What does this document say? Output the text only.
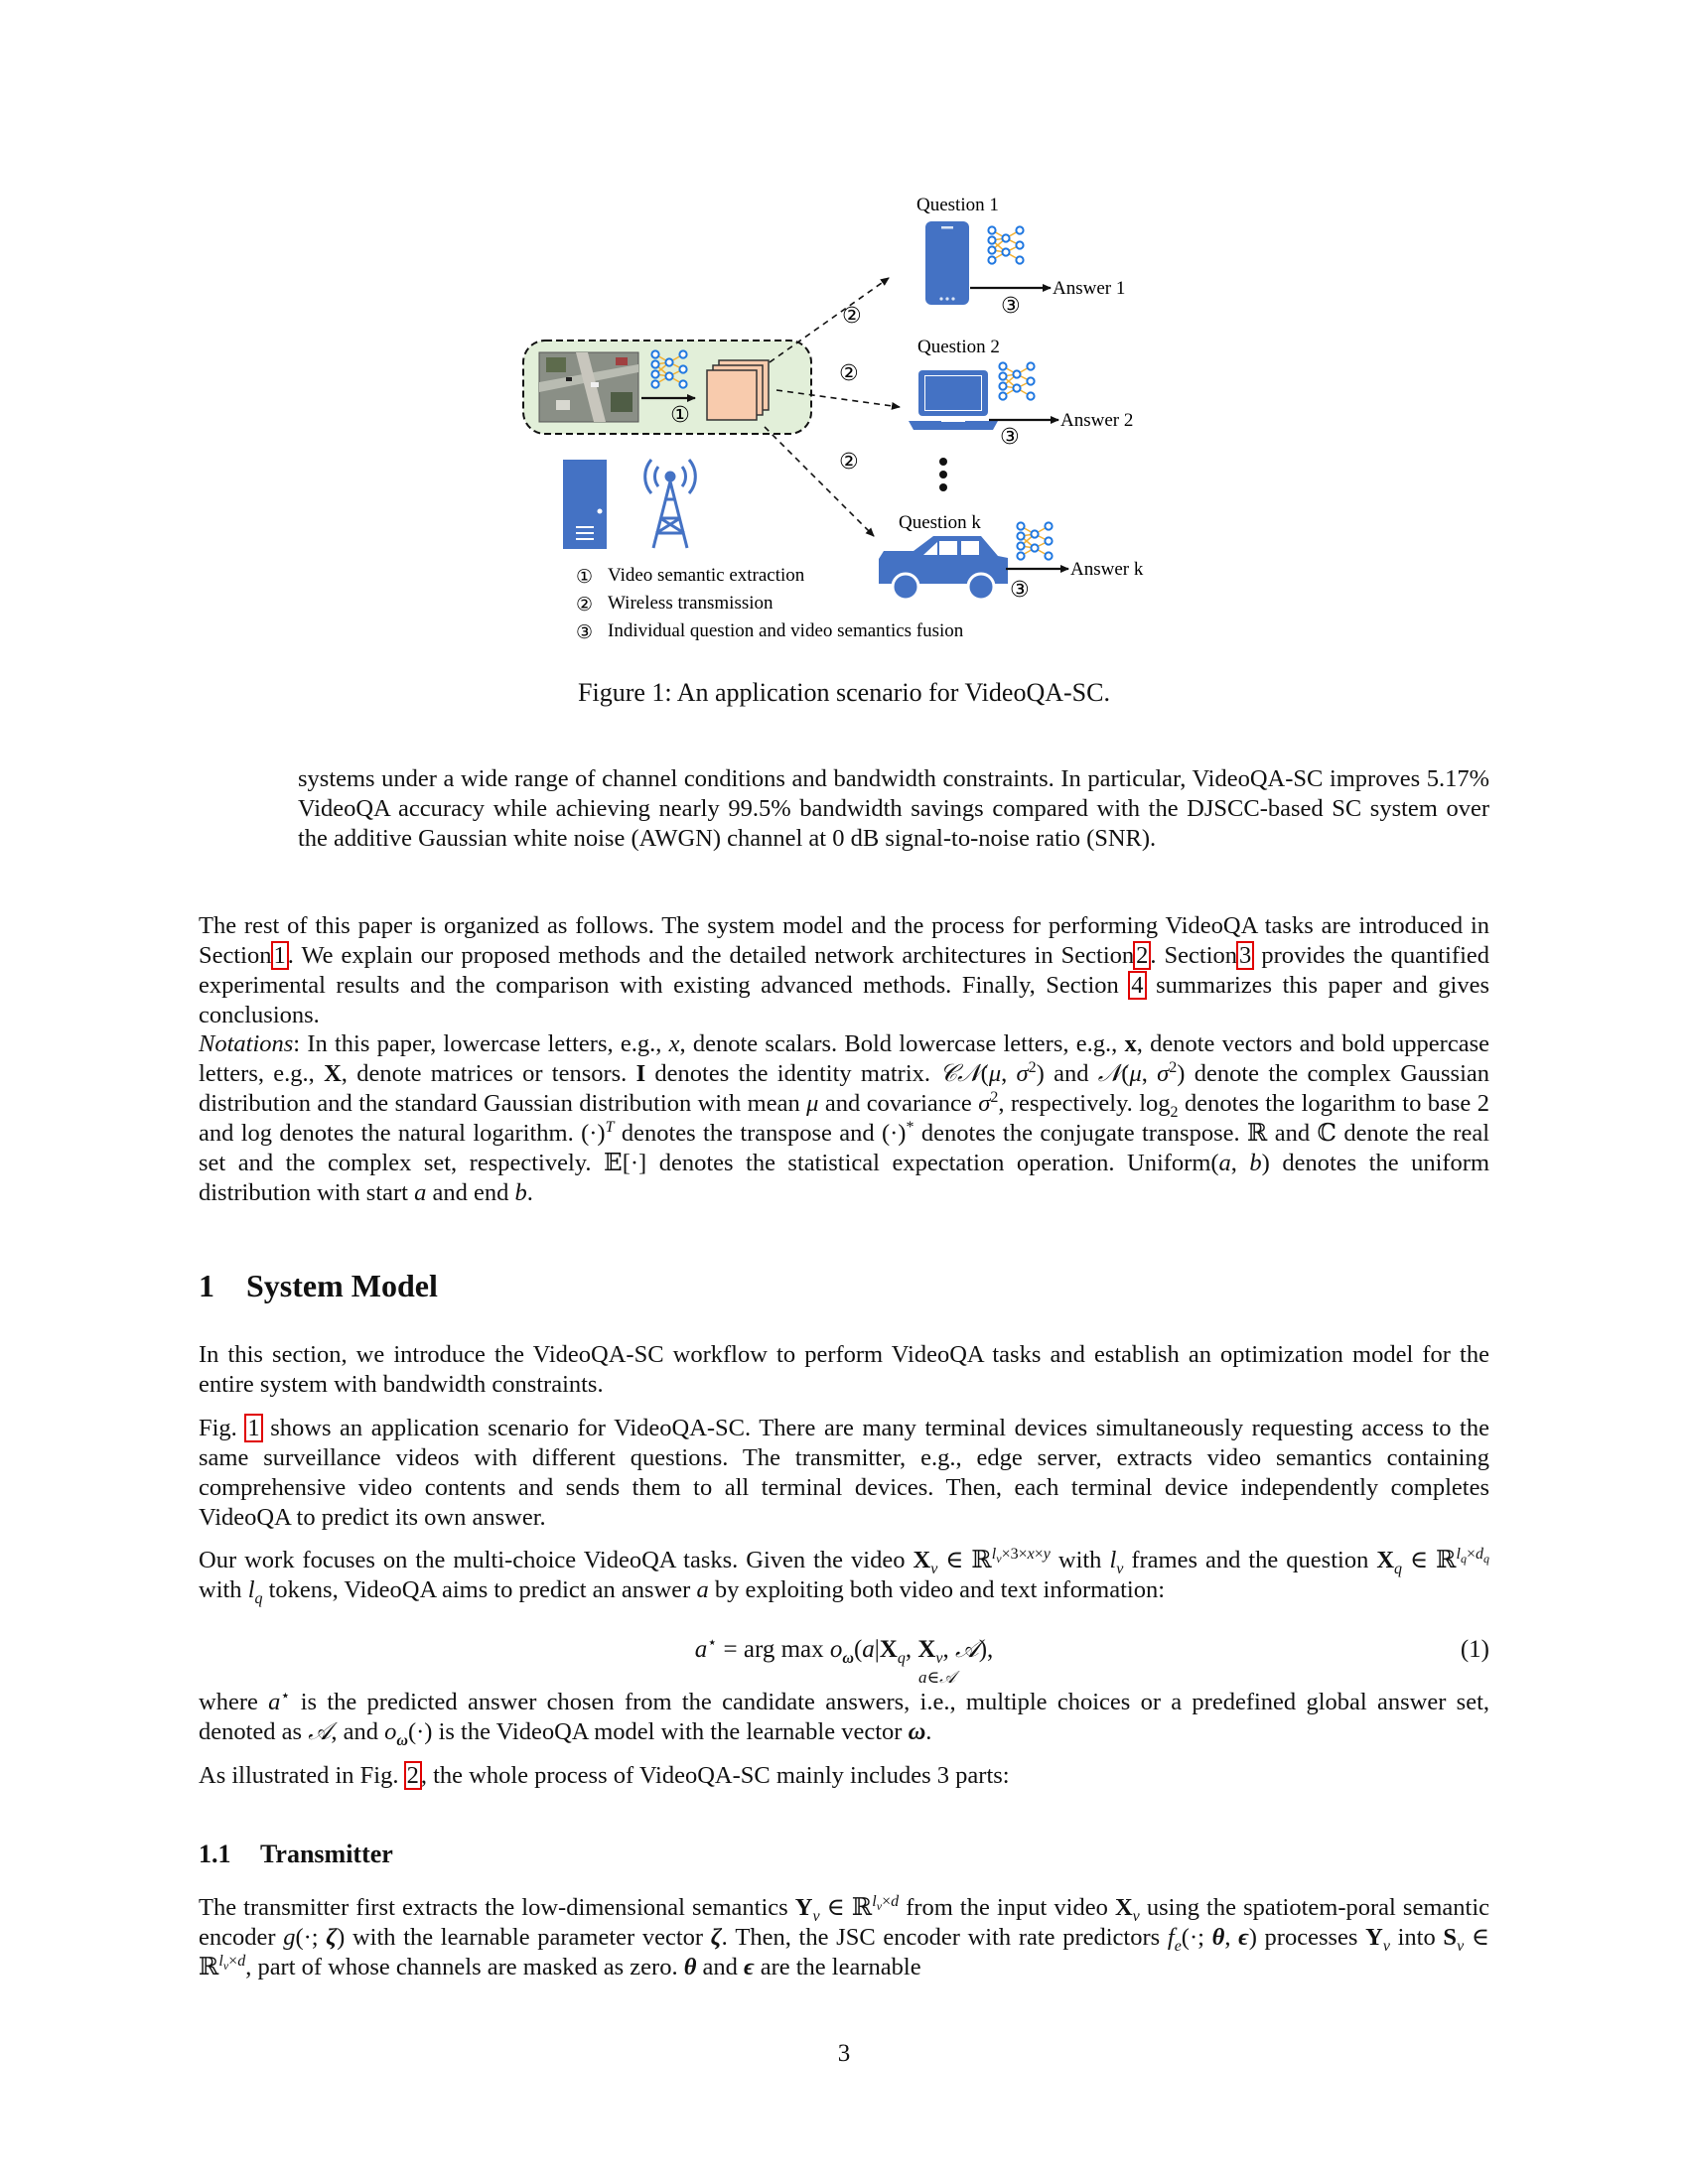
①
②
②
②
Question 1
Answer 1
③
Question 2
Answer 2
③
Question k
Answer k
③
① Video semantic extraction
② Wireless transmission
③ Individual question and video semantics fusion
Figure 1: An application scenario for VideoQA-SC.

systems under a wide range of channel conditions and bandwidth constraints. In particular, VideoQA-SC improves 5.17% VideoQA accuracy while achieving nearly 99.5% bandwidth savings compared with the DJSCC-based SC system over the additive Gaussian white noise (AWGN) channel at 0 dB signal-to-noise ratio (SNR).

The rest of this paper is organized as follows. The system model and the process for performing VideoQA tasks are introduced in Section1. We explain our proposed methods and the detailed network architectures in Section2. Section3 provides the quantified experimental results and the comparison with existing advanced methods. Finally, Section 4 summarizes this paper and gives conclusions.

Notations: In this paper, lowercase letters, e.g., x, denote scalars. Bold lowercase letters, e.g., x, denote vectors and bold uppercase letters, e.g., X, denote matrices or tensors. I denotes the identity matrix. 𝒞𝒩(μ, $\sigma^2$) and 𝒩(μ, $\sigma^2$) denote the complex Gaussian distribution and the standard Gaussian distribution with mean μ and covariance $\sigma^2$, respectively. $\log_2$ denotes the logarithm to base 2 and log denotes the natural logarithm. $(\cdot)^T$ denotes the transpose and (·)* denotes the conjugate transpose. ℝ and ℂ denote the real set and the complex set, respectively. 𝔼[·] denotes the statistical expectation operation. Uniform(a, b) denotes the uniform distribution with start a and end b.

1 System Model

In this section, we introduce the VideoQA-SC workflow to perform VideoQA tasks and establish an optimization model for the entire system with bandwidth constraints.

Fig. 1 shows an application scenario for VideoQA-SC. There are many terminal devices simultaneously requesting access to the same surveillance videos with different questions. The transmitter, e.g., edge server, extracts video semantics containing comprehensive video contents and sends them to all terminal devices. Then, each terminal device independently completes VideoQA to predict its own answer.

Our work focuses on the multi-choice VideoQA tasks. Given the video $X_v$ ∈ ℝ$^{l_v\times 3\times x\times y}$ with $l_v$ frames and the question $X_q$ ∈ ℝ$^{l_q\times d_q}$ with $l_q$ tokens, VideoQA aims to predict an answer a by exploiting both video and text information:

a⋆ = arg $\max o_\omega(a|X_q$, $X_v$, 𝒜),
a∈𝒜
(1)

where a⋆ is the predicted answer chosen from the candidate answers, i.e., multiple choices or a predefined global answer set, denoted as 𝒜, and $o_\omega(\cdot)$ is the VideoQA model with the learnable vector ω.

As illustrated in Fig. 2, the whole process of VideoQA-SC mainly includes 3 parts:

1.1 Transmitter

The transmitter first extracts the low-dimensional semantics $Y_v$ ∈ ℝ$^{l_v\times d}$ from the input video $X_v$ using the spatiotem-poral semantic encoder g(·; ζ) with the learnable parameter vector ζ. Then, the JSC encoder with rate predictors $f_e(\cdot$; θ, ϵ) processes $Y_v$ into $S_v$ ∈ ℝ$^{l_v\times d}$, part of whose channels are masked as zero. θ and ϵ are the learnable

3
